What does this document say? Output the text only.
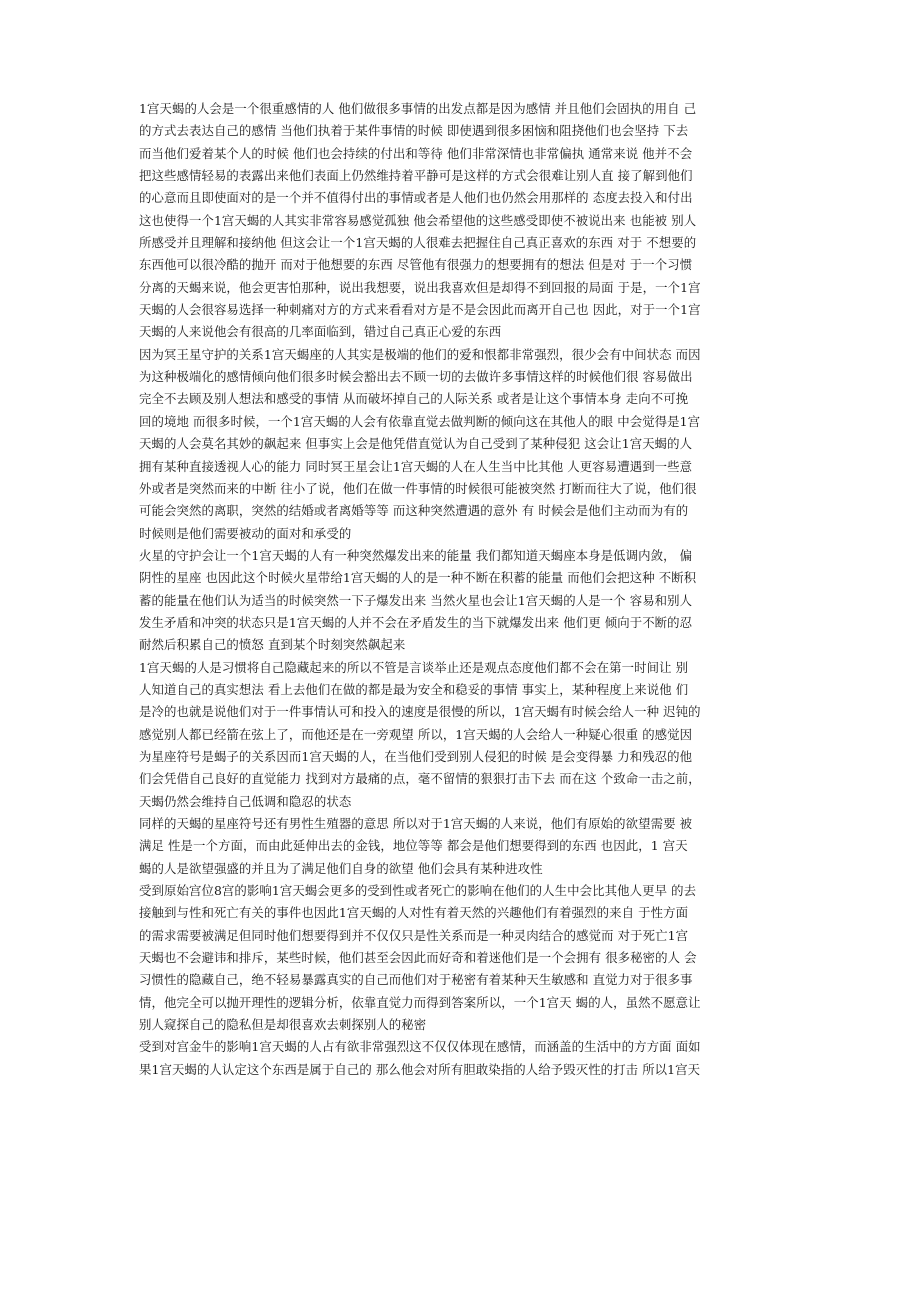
1宫天蝎的人会是一个很重感情的人 他们做很多事情的出发点都是因为感情 并且他们会固执的用自 己
的方式去表达自己的感情 当他们执着于某件事情的时候 即使遇到很多困恼和阻挠他们也会坚持 下去
而当他们爱着某个人的时候 他们也会持续的付出和等待 他们非常深情也非常偏执 通常来说 他并不会
把这些感情轻易的表露出来他们表面上仍然维持着平静可是这样的方式会很难让别人直 接了解到他们
的心意而且即使面对的是一个并不值得付出的事情或者是人他们也仍然会用那样的 态度去投入和付出
这也使得一个1宫天蝎的人其实非常容易感觉孤独 他会希望他的这些感受即使不被说出来 也能被 别人
所感受并且理解和接纳他 但这会让一个1宫天蝎的人很难去把握住自己真正喜欢的东西 对于 不想要的
东西他可以很冷酷的抛开 而对于他想要的东西 尽管他有很强力的想要拥有的想法 但是对 于一个习惯
分离的天蝎来说，他会更害怕那种，说出我想要，说出我喜欢但是却得不到回报的局面 于是，一个1宫
天蝎的人会很容易选择一种刺痛对方的方式来看看对方是不是会因此而离开自己也 因此，对于一个1宫
天蝎的人来说他会有很高的几率面临到，错过自己真正心爱的东西
因为冥王星守护的关系1宫天蝎座的人其实是极端的他们的爱和恨都非常强烈，很少会有中间状态 而因
为这种极端化的感情倾向他们很多时候会豁出去不顾一切的去做许多事情这样的时候他们很 容易做出
完全不去顾及别人想法和感受的事情 从而破坏掉自己的人际关系 或者是让这个事情本身 走向不可挽
回的境地 而很多时候，一个1宫天蝎的人会有依靠直觉去做判断的倾向这在其他人的眼 中会觉得是1宫
天蝎的人会莫名其妙的飙起来 但事实上会是他凭借直觉认为自己受到了某种侵犯 这会让1宫天蝎的人
拥有某种直接透视人心的能力 同时冥王星会让1宫天蝎的人在人生当中比其他 人更容易遭遇到一些意
外或者是突然而来的中断 往小了说，他们在做一件事情的时候很可能被突然 打断而往大了说，他们很
可能会突然的离职，突然的结婚或者离婚等等 而这种突然遭遇的意外 有 时候会是他们主动而为有的
时候则是他们需要被动的面对和承受的
火星的守护会让一个1宫天蝎的人有一种突然爆发出来的能量 我们都知道天蝎座本身是低调内敛， 偏
阴性的星座 也因此这个时候火星带给1宫天蝎的人的是一种不断在积蓄的能量 而他们会把这种 不断积
蓄的能量在他们认为适当的时候突然一下子爆发出来 当然火星也会让1宫天蝎的人是一个 容易和别人
发生矛盾和冲突的状态只是1宫天蝎的人并不会在矛盾发生的当下就爆发出来 他们更 倾向于不断的忍
耐然后积累自己的愤怒 直到某个时刻突然飙起来
1宫天蝎的人是习惯将自己隐藏起来的所以不管是言谈举止还是观点态度他们都不会在第一时间让 别
人知道自己的真实想法 看上去他们在做的都是最为安全和稳妥的事情 事实上，某种程度上来说他 们
是冷的也就是说他们对于一件事情认可和投入的速度是很慢的所以，1宫天蝎有时候会给人一种 迟钝的
感觉别人都已经箭在弦上了，而他还是在一旁观望 所以，1宫天蝎的人会给人一种疑心很重 的感觉因
为星座符号是蝎子的关系因而1宫天蝎的人，在当他们受到别人侵犯的时候 是会变得暴 力和残忍的他
们会凭借自己良好的直觉能力 找到对方最痛的点，毫不留情的狠狠打击下去 而在这 个致命一击之前，
天蝎仍然会维持自己低调和隐忍的状态
同样的天蝎的星座符号还有男性生殖器的意思 所以对于1宫天蝎的人来说，他们有原始的欲望需要 被
满足 性是一个方面，而由此延伸出去的金钱，地位等等 都会是他们想要得到的东西 也因此，1 宫天
蝎的人是欲望强盛的并且为了满足他们自身的欲望 他们会具有某种进攻性
受到原始宫位8宫的影响1宫天蝎会更多的受到性或者死亡的影响在他们的人生中会比其他人更早 的去
接触到与性和死亡有关的事件也因此1宫天蝎的人对性有着天然的兴趣他们有着强烈的来自 于性方面
的需求需要被满足但同时他们想要得到并不仅仅只是性关系而是一种灵肉结合的感觉而 对于死亡1宫
天蝎也不会避讳和排斥，某些时候，他们甚至会因此而好奇和着迷他们是一个会拥有 很多秘密的人 会
习惯性的隐藏自己，绝不轻易暴露真实的自己而他们对于秘密有着某种天生敏感和 直觉力对于很多事
情，他完全可以抛开理性的逻辑分析，依靠直觉力而得到答案所以，一个1宫天 蝎的人，虽然不愿意让
别人窥探自己的隐私但是却很喜欢去刺探别人的秘密
受到对宫金牛的影响1宫天蝎的人占有欲非常强烈这不仅仅体现在感情，而涵盖的生活中的方方面 面如
果1宫天蝎的人认定这个东西是属于自己的 那么他会对所有胆敢染指的人给予毁灭性的打击 所以1宫天
